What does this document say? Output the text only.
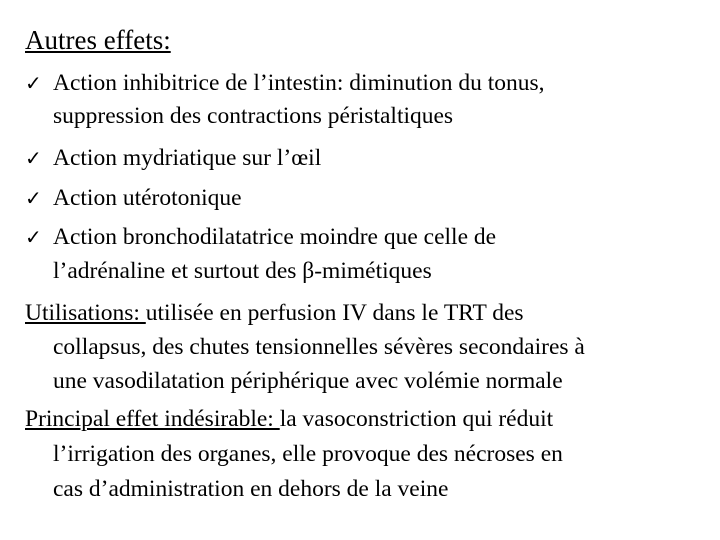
Autres effets:
✓ Action inhibitrice de l’intestin: diminution du tonus,
suppression des contractions péristaltiques
✓ Action mydriatique sur l’œil
✓ Action utérotonique
✓ Action bronchodilatatrice moindre que celle de
l’adrénaline et surtout des β-mimétiques
Utilisations: utilisée en perfusion IV dans le TRT des
collapsus, des chutes tensionnelles sévères secondaires à
une vasodilatation périphérique avec volémie normale
Principal effet indésirable: la vasoconstriction qui réduit
l’irrigation des organes, elle provoque des nécroses en
cas d’administration en dehors de la veine
